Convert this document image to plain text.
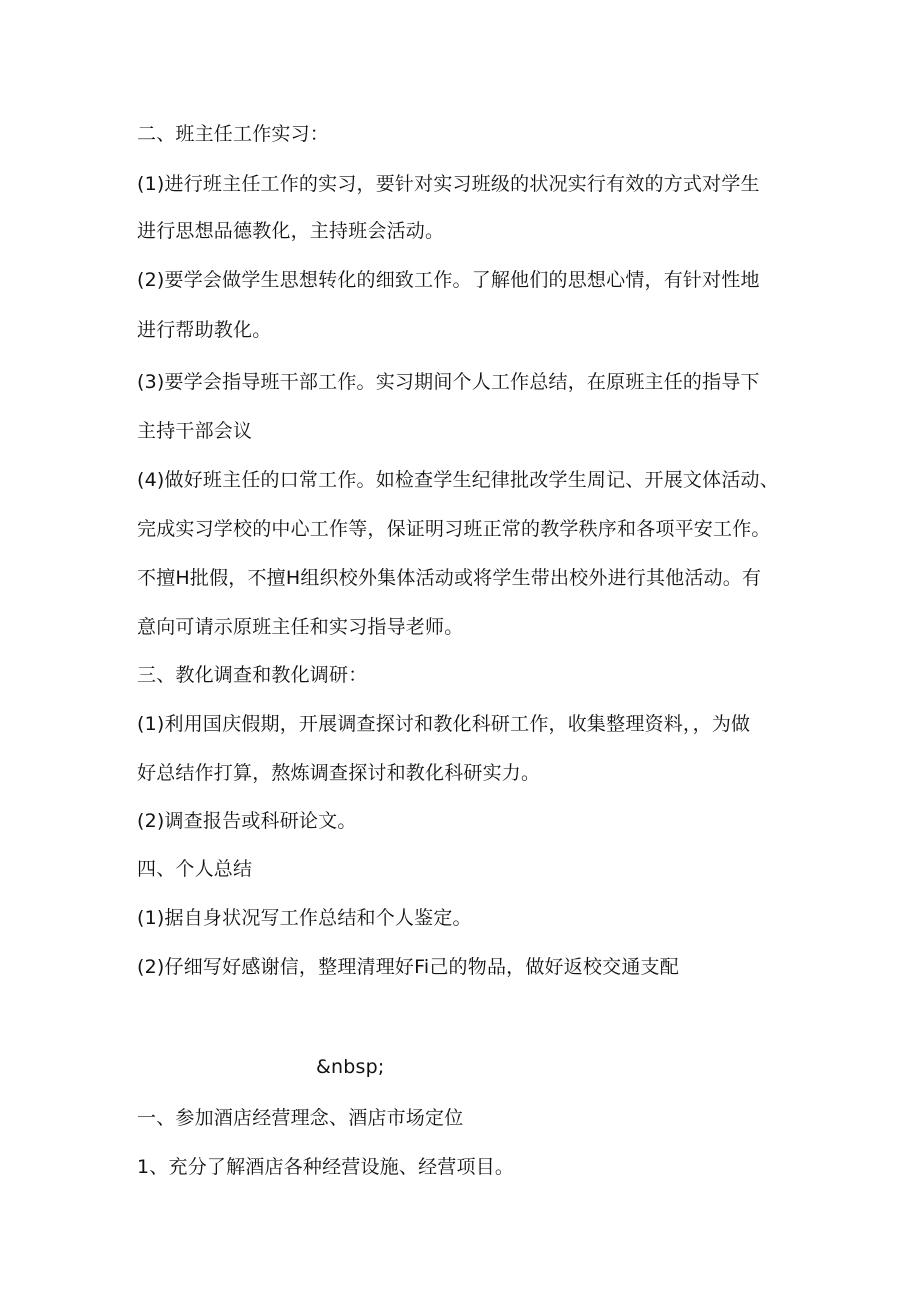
二、班主任工作实习：
(1)进行班主任工作的实习，要针对实习班级的状况实行有效的方式对学生
进行思想品德教化，主持班会活动。
(2)要学会做学生思想转化的细致工作。了解他们的思想心情，有针对性地
进行帮助教化。
(3)要学会指导班干部工作。实习期间个人工作总结，在原班主任的指导下
主持干部会议
(4)做好班主任的口常工作。如检查学生纪律批改学生周记、开展文体活动、
完成实习学校的中心工作等，保证明习班正常的教学秩序和各项平安工作。
不擅H批假，不擅H组织校外集体活动或将学生带出校外进行其他活动。有
意向可请示原班主任和实习指导老师。
三、教化调查和教化调研：
(1)利用国庆假期，开展调查探讨和教化科研工作，收集整理资料，，为做
好总结作打算，熬炼调查探讨和教化科研实力。
(2)调查报告或科研论文。
四、个人总结
(1)据自身状况写工作总结和个人鉴定。
(2)仔细写好感谢信，整理清理好Fi己的物品，做好返校交通支配
&nbsp;
一、参加酒店经营理念、酒店市场定位
1、充分了解酒店各种经营设施、经营项目。
